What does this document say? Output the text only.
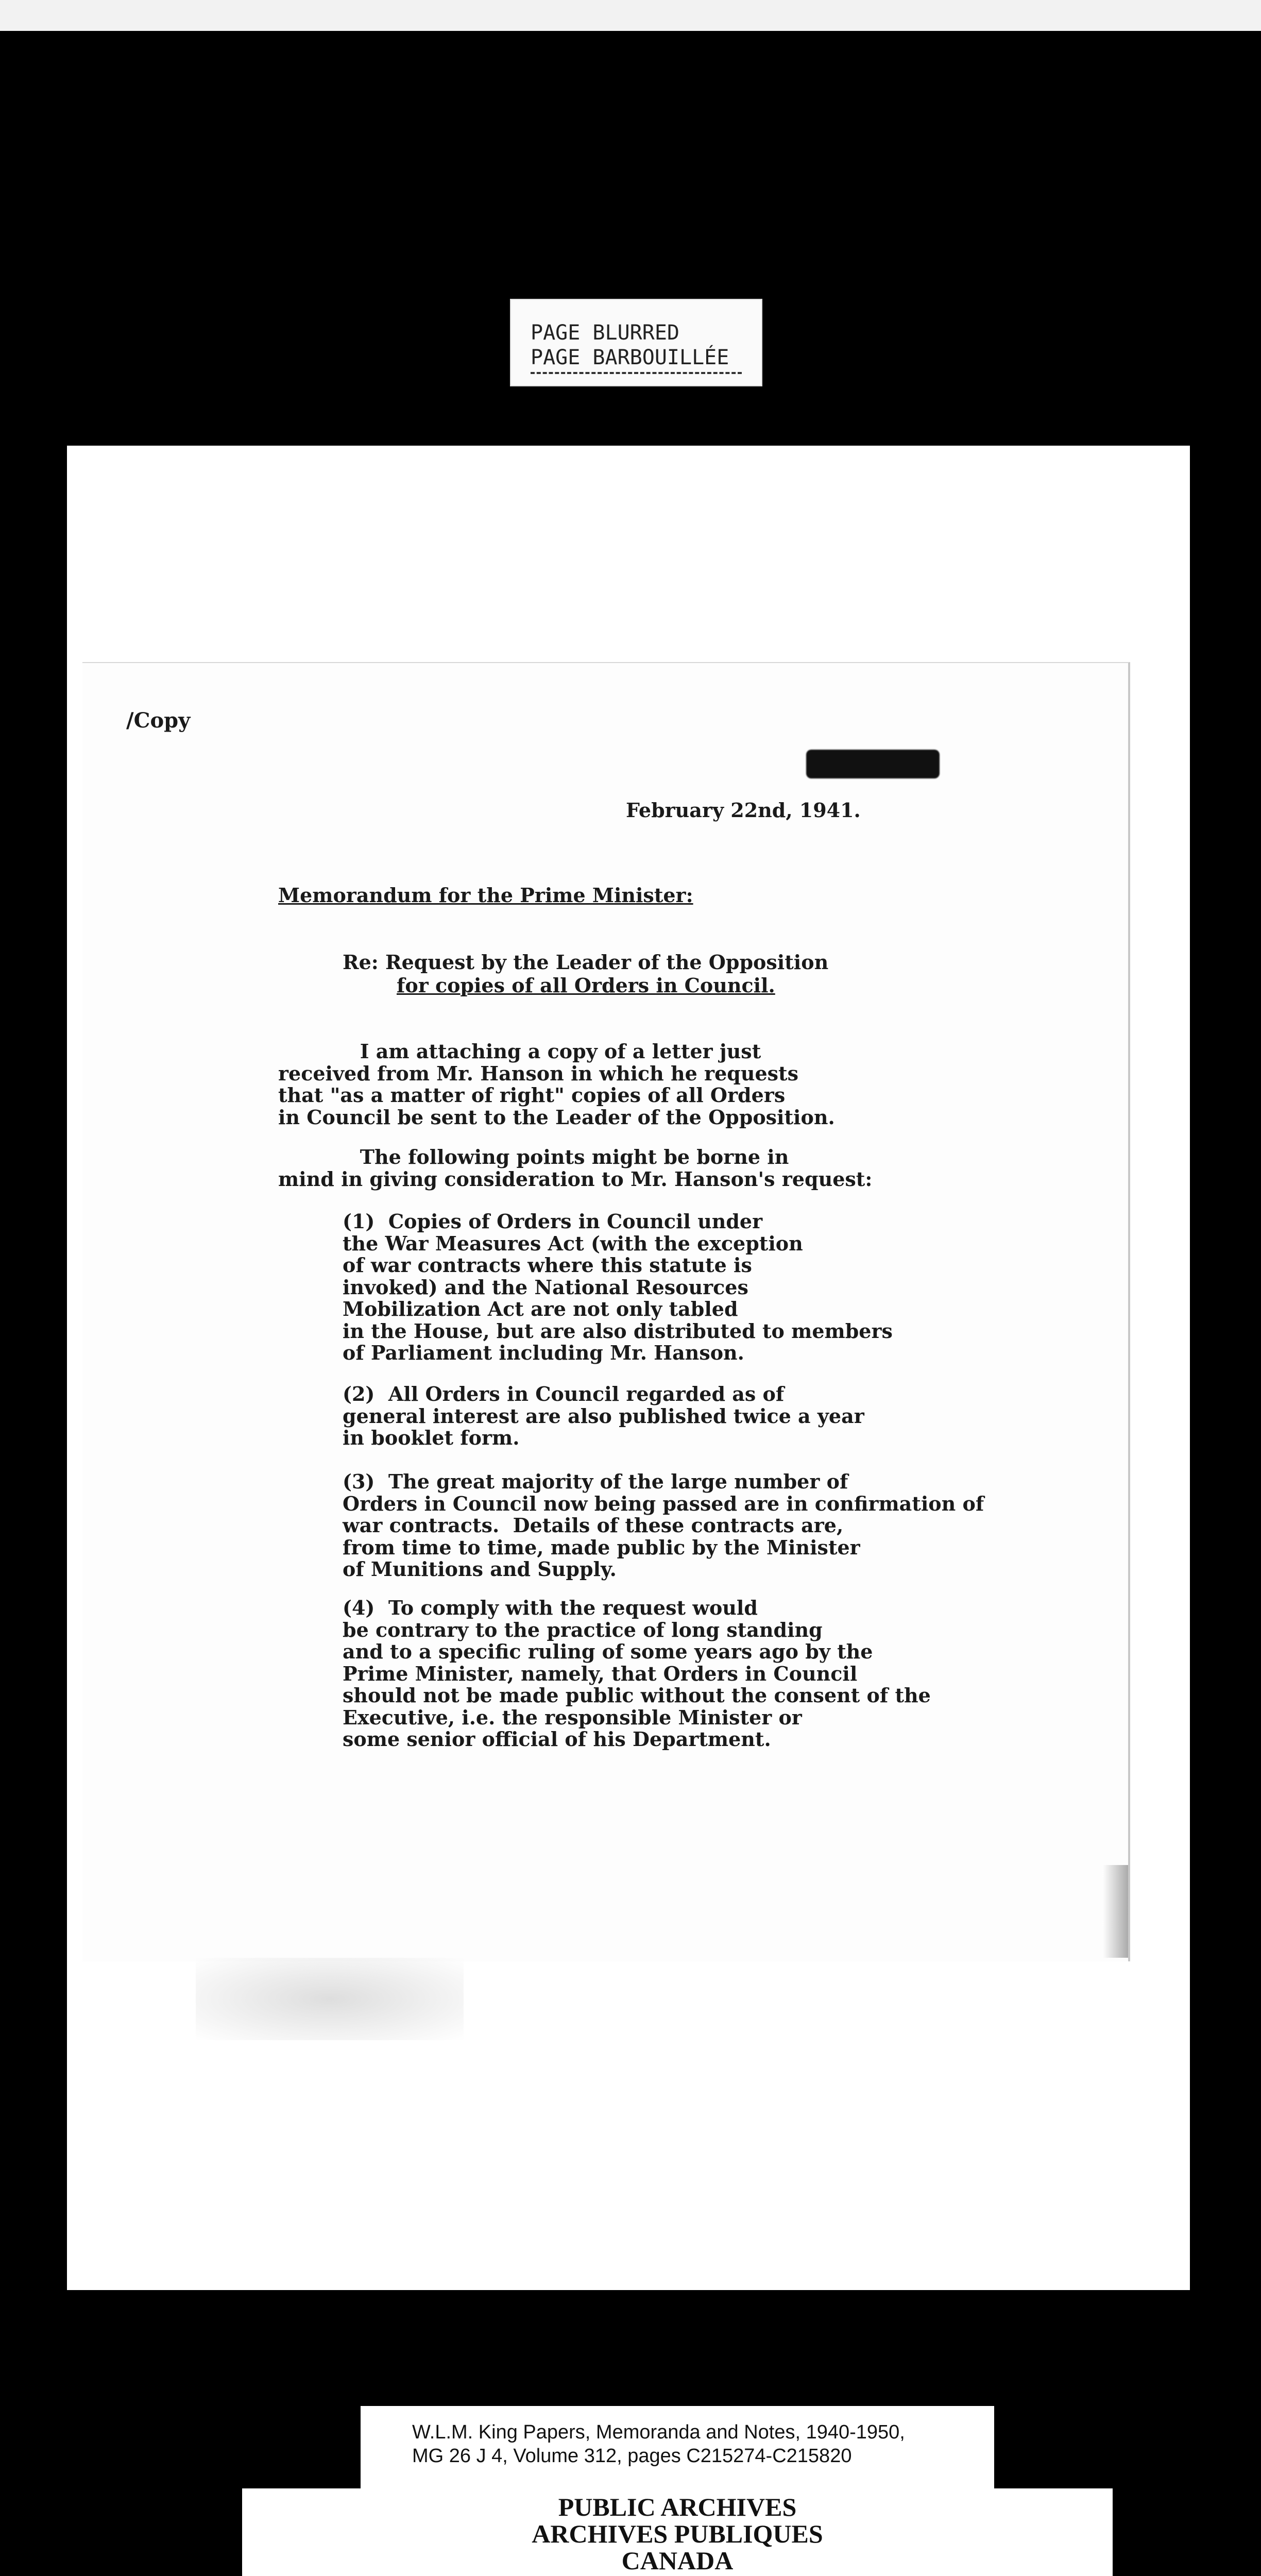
PAGE BLURRED
PAGE BARBOUILLÉE
/Copy
February 22nd, 1941.
Memorandum for the Prime Minister:
Re: Request by the Leader of the Opposition
for copies of all Orders in Council.
I am attaching a copy of a letter just
received from Mr. Hanson in which he requests
that "as a matter of right" copies of all Orders
in Council be sent to the Leader of the Opposition.
The following points might be borne in
mind in giving consideration to Mr. Hanson's request:
(1)  Copies of Orders in Council under
the War Measures Act (with the exception
of war contracts where this statute is
invoked) and the National Resources
Mobilization Act are not only tabled
in the House, but are also distributed to members
of Parliament including Mr. Hanson.
(2)  All Orders in Council regarded as of
general interest are also published twice a year
in booklet form.
(3)  The great majority of the large number of
Orders in Council now being passed are in confirmation of
war contracts.  Details of these contracts are,
from time to time, made public by the Minister
of Munitions and Supply.
(4)  To comply with the request would
be contrary to the practice of long standing
and to a specific ruling of some years ago by the
Prime Minister, namely, that Orders in Council
should not be made public without the consent of the
Executive, i.e. the responsible Minister or
some senior official of his Department.
W.L.M. King Papers, Memoranda and Notes, 1940-1950,
MG 26 J 4, Volume 312, pages C215274-C215820
PUBLIC ARCHIVES
ARCHIVES PUBLIQUES
CANADA
